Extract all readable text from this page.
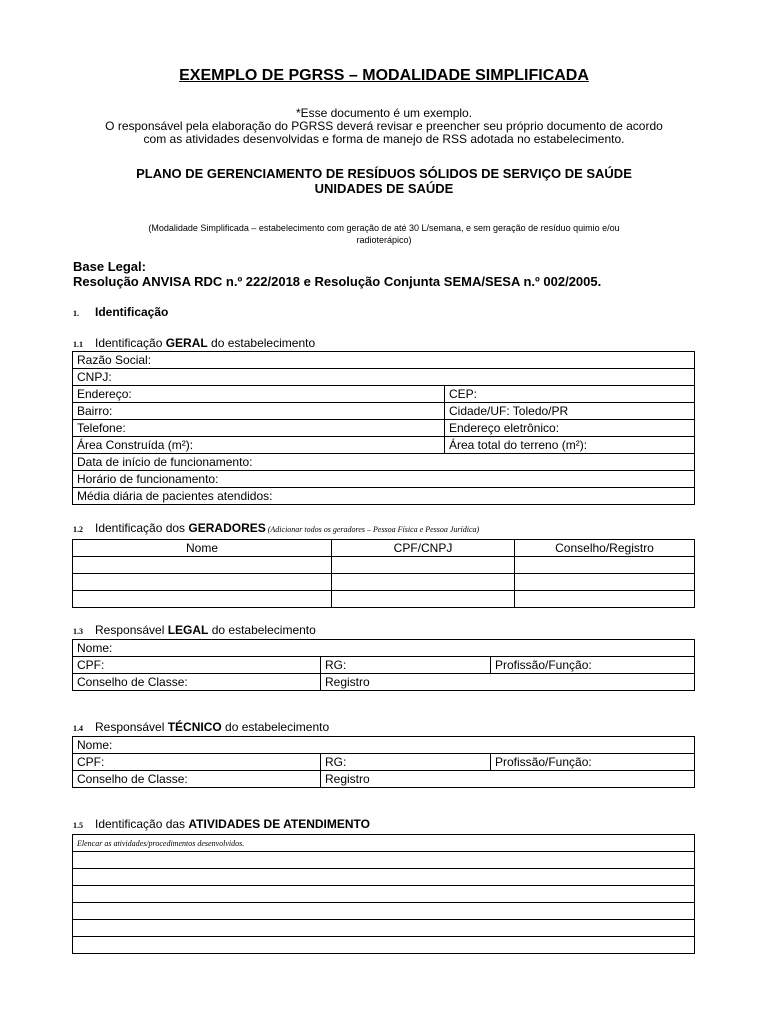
EXEMPLO DE PGRSS – MODALIDADE SIMPLIFICADA
*Esse documento é um exemplo.
O responsável pela elaboração do PGRSS deverá revisar e preencher seu próprio documento de acordo
com as atividades desenvolvidas e forma de manejo de RSS adotada no estabelecimento.
PLANO DE GERENCIAMENTO DE RESÍDUOS SÓLIDOS DE SERVIÇO DE SAÚDE
UNIDADES DE SAÚDE
(Modalidade Simplificada – estabelecimento com geração de até 30 L/semana, e sem geração de resíduo quimio e/ou
radioterápico)
Base Legal:
Resolução ANVISA RDC n.º 222/2018 e Resolução Conjunta SEMA/SESA n.º 002/2005.
1. Identificação
1.1 Identificação GERAL do estabelecimento
Razão Social:	
CNPJ:	
Endereço:	CEP:
Bairro:	Cidade/UF: Toledo/PR
Telefone:	Endereço eletrônico:
Área Construída (m²):	Área total do terreno (m²):
Data de início de funcionamento:	
Horário de funcionamento:	
Média diária de pacientes atendidos:	
1.2 Identificação dos GERADORES (Adicionar todos os geradores – Pessoa Física e Pessoa Jurídica)
Nome	CPF/CNPJ	Conselho/Registro

1.3 Responsável LEGAL do estabelecimento
Nome:		
CPF:	RG:	Profissão/Função:
Conselho de Classe:	Registro	
1.4 Responsável TÉCNICO do estabelecimento
Nome:		
CPF:	RG:	Profissão/Função:
Conselho de Classe:	Registro	
1.5 Identificação das ATIVIDADES DE ATENDIMENTO
Elencar as atividades/procedimentos desenvolvidos.
